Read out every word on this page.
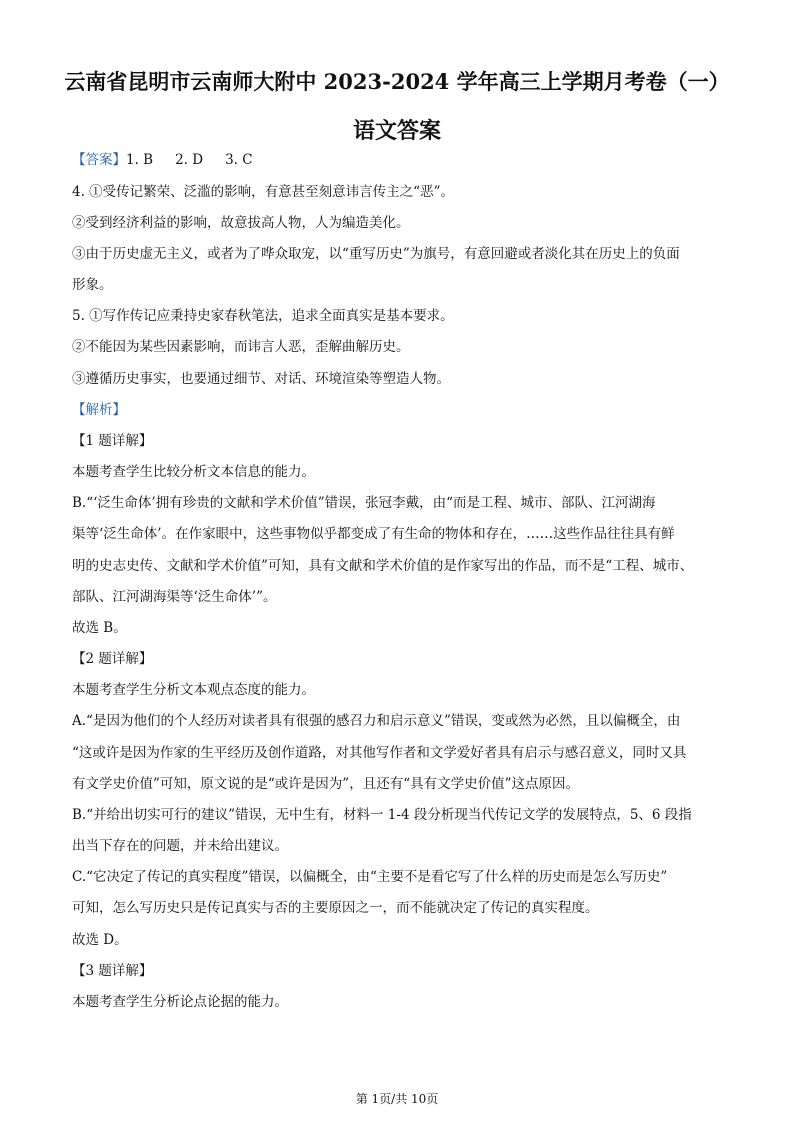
云南省昆明市云南师大附中 2023-2024 学年高三上学期月考卷（一）
语文答案
【答案】1. B 2. D 3. C
4. ①受传记繁荣、泛滥的影响，有意甚至刻意讳言传主之“恶”。
②受到经济利益的影响，故意拔高人物，人为编造美化。
③由于历史虚无主义，或者为了哗众取宠，以“重写历史”为旗号，有意回避或者淡化其在历史上的负面
形象。
5. ①写作传记应秉持史家春秋笔法，追求全面真实是基本要求。
②不能因为某些因素影响，而讳言人恶，歪解曲解历史。
③遵循历史事实，也要通过细节、对话、环境渲染等塑造人物。
【解析】
【1 题详解】
本题考查学生比较分析文本信息的能力。
B.“‘泛生命体’拥有珍贵的文献和学术价值”错误，张冠李戴，由“而是工程、城市、部队、江河湖海
渠等‘泛生命体’。在作家眼中，这些事物似乎都变成了有生命的物体和存在，……这些作品往往具有鲜
明的史志史传、文献和学术价值”可知，具有文献和学术价值的是作家写出的作品，而不是“工程、城市、
部队、江河湖海渠等‘泛生命体’”。
故选 B。
【2 题详解】
本题考查学生分析文本观点态度的能力。
A.“是因为他们的个人经历对读者具有很强的感召力和启示意义”错误，变或然为必然，且以偏概全，由
“这或许是因为作家的生平经历及创作道路，对其他写作者和文学爱好者具有启示与感召意义，同时又具
有文学史价值”可知，原文说的是“或许是因为”，且还有“具有文学史价值”这点原因。
B.“并给出切实可行的建议”错误，无中生有，材料一 1-4 段分析现当代传记文学的发展特点，5、6 段指
出当下存在的问题，并未给出建议。
C.“它决定了传记的真实程度”错误，以偏概全，由“主要不是看它写了什么样的历史而是怎么写历史”
可知，怎么写历史只是传记真实与否的主要原因之一，而不能就决定了传记的真实程度。
故选 D。
【3 题详解】
本题考查学生分析论点论据的能力。
第 1页/共 10页
